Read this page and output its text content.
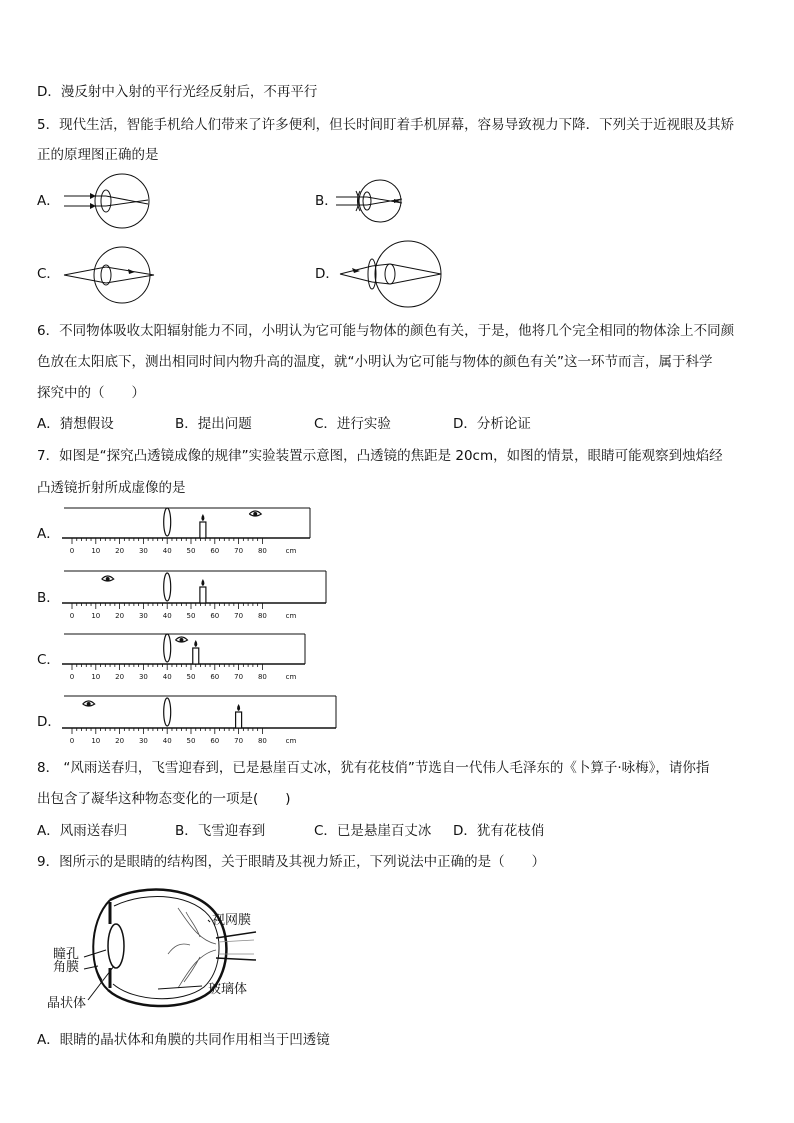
D．漫反射中入射的平行光经反射后，不再平行
5．现代生活，智能手机给人们带来了许多便利，但长时间盯着手机屏幕，容易导致视力下降．下列关于近视眼及其矫
正的原理图正确的是
A．	B．
C．	D．
6．不同物体吸收太阳辐射能力不同，小明认为它可能与物体的颜色有关，于是，他将几个完全相同的物体涂上不同颜
色放在太阳底下，测出相同时间内物升高的温度，就“小明认为它可能与物体的颜色有关”这一环节而言，属于科学
探究中的（　　）
A．猜想假设	B．提出问题	C．进行实验	D．分析论证
7．如图是“探究凸透镜成像的规律”实验装置示意图，凸透镜的焦距是 20cm，如图的情景，眼睛可能观察到烛焰经
凸透镜折射所成虚像的是
A．
0 10 20 30 40 50 60 70 80	cm
B．
0 10 20 30 40 50 60 70 80	cm
C．
0 10 20 30 40 50 60 70 80	cm
D．
0 10 20 30 40 50 60 70 80	cm
8． “风雨送春归，飞雪迎春到，已是悬崖百丈冰，犹有花枝俏”节选自一代伟人毛泽东的《卜算子·咏梅》，请你指
出包含了凝华这种物态变化的一项是(　　)
A．风雨送春归	B．飞雪迎春到	C．已是悬崖百丈冰 D．犹有花枝俏
9．图所示的是眼睛的结构图，关于眼睛及其视力矫正，下列说法中正确的是（　　）
视网膜
瞳孔
角膜
晶状体
玻璃体
A．眼睛的晶状体和角膜的共同作用相当于凹透镜
